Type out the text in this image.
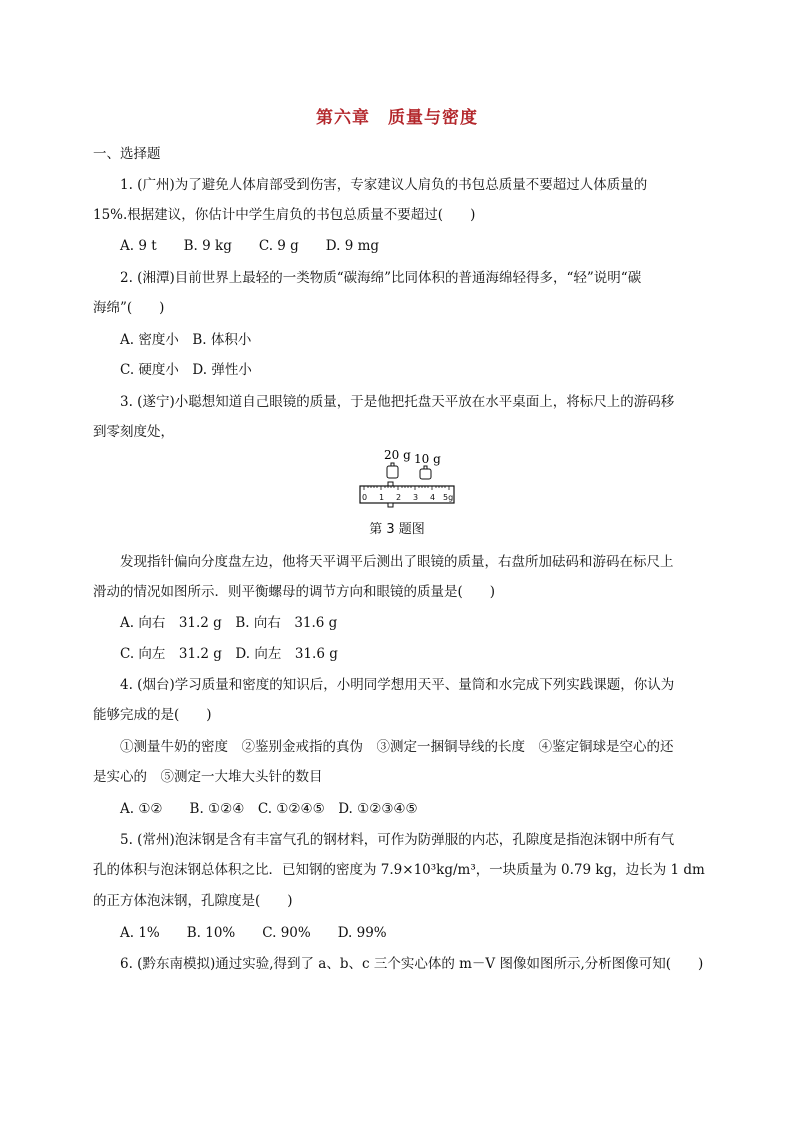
第六章　质量与密度
一、选择题
1. (广州)为了避免人体肩部受到伤害，专家建议人肩负的书包总质量不要超过人体质量的
15%.根据建议，你估计中学生肩负的书包总质量不要超过(　　)
A. 9 t　　B. 9 kg　　C. 9 g　　D. 9 mg
2. (湘潭)目前世界上最轻的一类物质“碳海绵”比同体积的普通海绵轻得多，“轻”说明“碳
海绵”(　　)
A. 密度小　B. 体积小
C. 硬度小　D. 弹性小
3. (遂宁)小聪想知道自己眼镜的质量，于是他把托盘天平放在水平桌面上，将标尺上的游码移
到零刻度处，
20 g 10 g
0 1 2 3 4 5g
第 3 题图
发现指针偏向分度盘左边，他将天平调平后测出了眼镜的质量，右盘所加砝码和游码在标尺上
滑动的情况如图所示．则平衡螺母的调节方向和眼镜的质量是(　　)
A. 向右　31.2 g　B. 向右　31.6 g
C. 向左　31.2 g　D. 向左　31.6 g
4. (烟台)学习质量和密度的知识后，小明同学想用天平、量筒和水完成下列实践课题，你认为
能够完成的是(　　)
①测量牛奶的密度　②鉴别金戒指的真伪　③测定一捆铜导线的长度　④鉴定铜球是空心的还
是实心的　⑤测定一大堆大头针的数目
A. ①②　　B. ①②④　C. ①②④⑤　D. ①②③④⑤
5. (常州)泡沫钢是含有丰富气孔的钢材料，可作为防弹服的内芯，孔隙度是指泡沫钢中所有气
孔的体积与泡沫钢总体积之比．已知钢的密度为 7.9×10³kg/m³，一块质量为 0.79 kg，边长为 1 dm
的正方体泡沫钢，孔隙度是(　　)
A. 1%　　B. 10%　　C. 90%　　D. 99%
6. (黔东南模拟)通过实验,得到了 a、b、c 三个实心体的 m－V 图像如图所示,分析图像可知(　　)
